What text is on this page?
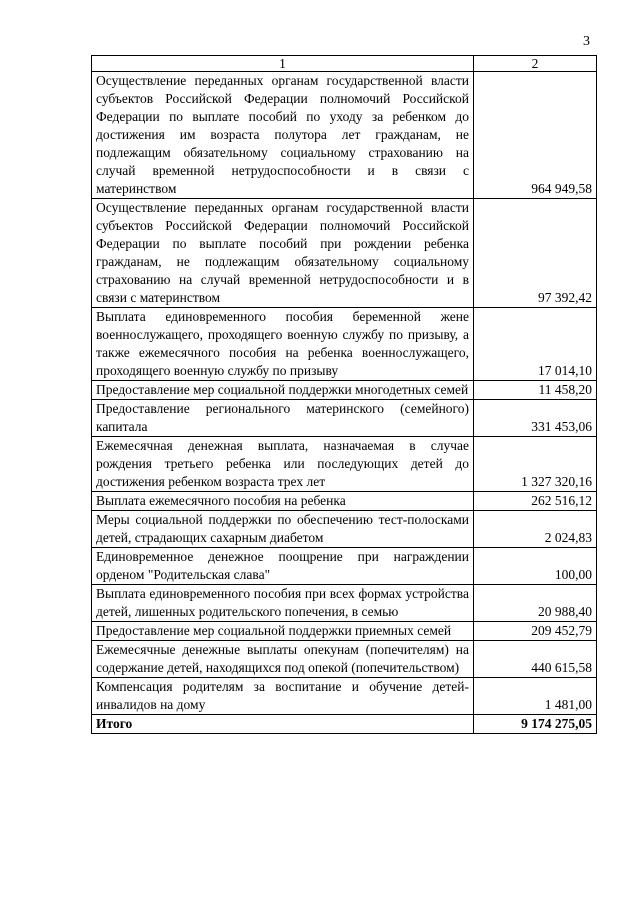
3
1	2
Осуществление переданных органам государственной власти субъектов Российской Федерации полномочий Российской Федерации по выплате пособий по уходу за ребенком до достижения им возраста полутора лет гражданам, не подлежащим обязательному социальному страхованию на случай временной нетрудоспособности и в связи с материнством	964 949,58
Осуществление переданных органам государственной власти субъектов Российской Федерации полномочий Российской Федерации по выплате пособий при рождении ребенка гражданам, не подлежащим обязательному социальному страхованию на случай временной нетрудоспособности и в связи с материнством	97 392,42
Выплата единовременного пособия беременной жене военнослужащего, проходящего военную службу по призыву, а также ежемесячного пособия на ребенка военнослужащего, проходящего военную службу по призыву	17 014,10
Предоставление мер социальной поддержки многодетных семей	11 458,20
Предоставление регионального материнского (семейного) капитала	331 453,06
Ежемесячная денежная выплата, назначаемая в случае рождения третьего ребенка или последующих детей до достижения ребенком возраста трех лет	1 327 320,16
Выплата ежемесячного пособия на ребенка	262 516,12
Меры социальной поддержки по обеспечению тест-полосками детей, страдающих сахарным диабетом	2 024,83
Единовременное денежное поощрение при награждении орденом "Родительская слава"	100,00
Выплата единовременного пособия при всех формах устройства детей, лишенных родительского попечения, в семью	20 988,40
Предоставление мер социальной поддержки приемных семей	209 452,79
Ежемесячные денежные выплаты опекунам (попечителям) на содержание детей, находящихся под опекой (попечительством)	440 615,58
Компенсация родителям за воспитание и обучение детей-инвалидов на дому	1 481,00
Итого	9 174 275,05
